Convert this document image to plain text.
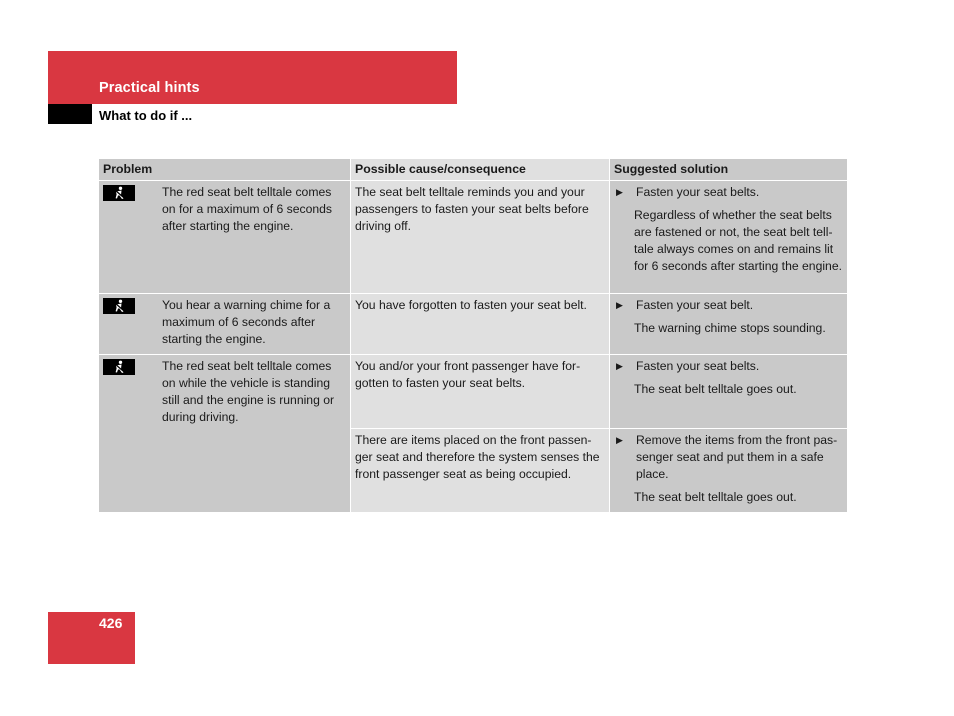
Practical hints
What to do if ...
Problem	Possible cause/consequence	Suggested solution

The red seat belt telltale comes on for a maximum of 6 seconds after starting the engine.	The seat belt telltale reminds you and your passengers to fasten your seat belts before driving off.	▶ Fasten your seat belts.
Regardless of whether the seat belts are fastened or not, the seat belt tell-tale always comes on and remains lit for 6 seconds after starting the engine.

You hear a warning chime for a maximum of 6 seconds after starting the engine.	You have forgotten to fasten your seat belt.	▶ Fasten your seat belt.
The warning chime stops sounding.

The red seat belt telltale comes on while the vehicle is standing still and the engine is running or during driving.	You and/or your front passenger have for-gotten to fasten your seat belts.	▶ Fasten your seat belts.
The seat belt telltale goes out.

	There are items placed on the front passen-ger seat and therefore the system senses the front passenger seat as being occupied.	▶ Remove the items from the front pas-senger seat and put them in a safe place.
The seat belt telltale goes out.
426
